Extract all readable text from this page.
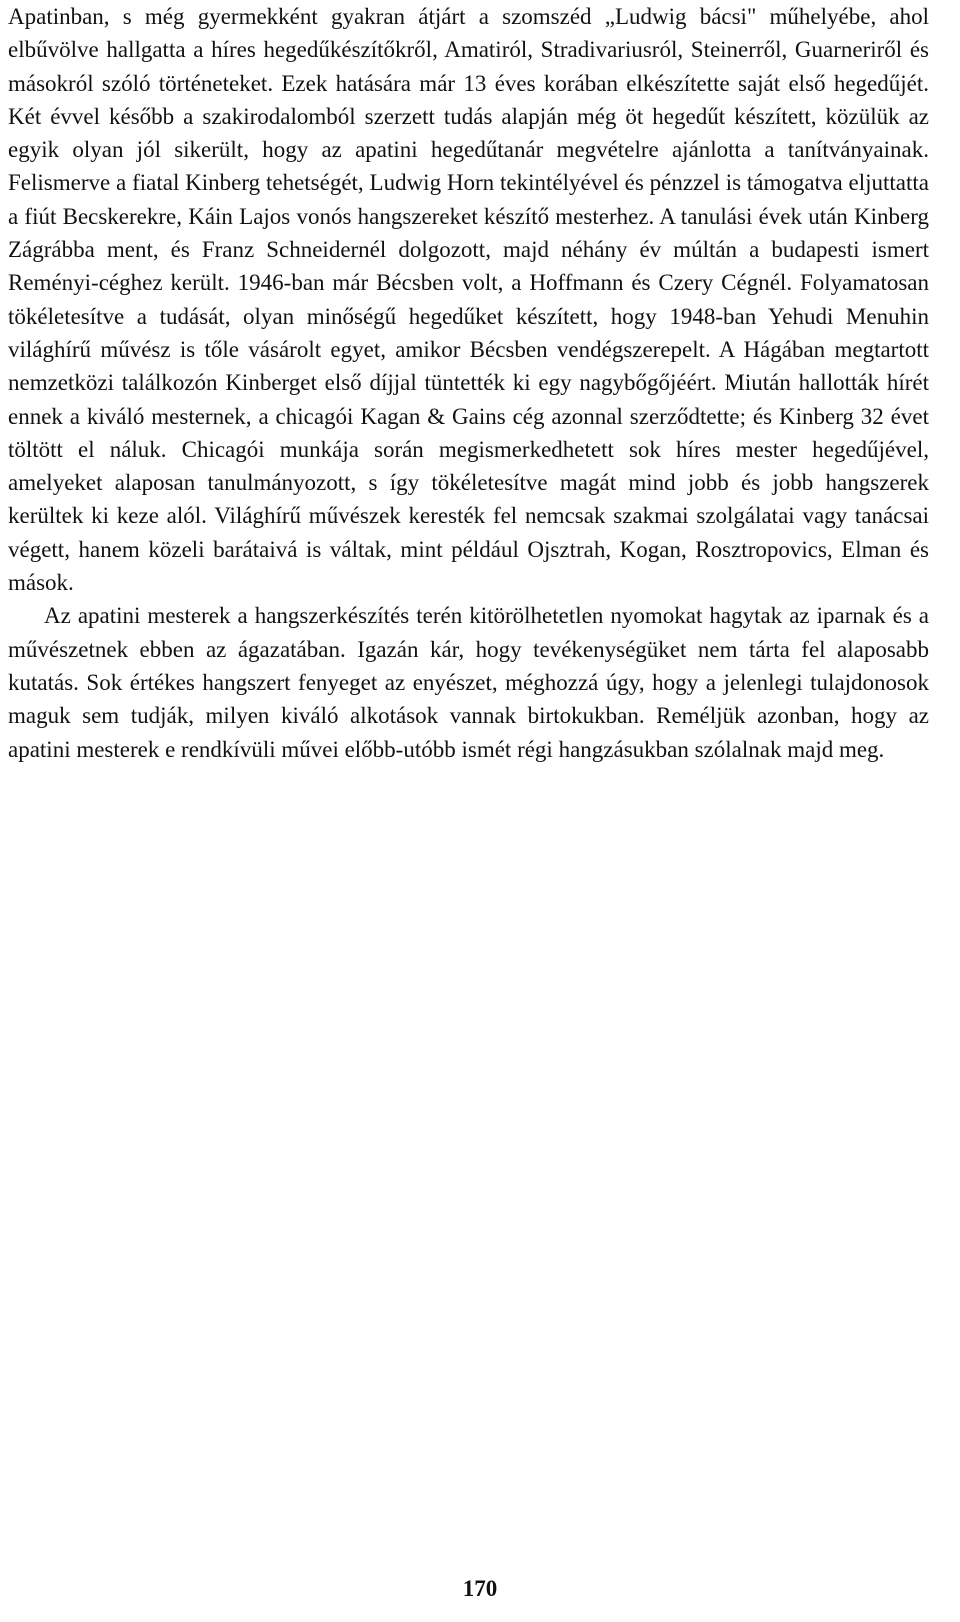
Apatinban, s még gyermekként gyakran átjárt a szomszéd „Ludwig bácsi" műhelyébe, ahol elbűvölve hallgatta a híres hegedűkészítőkről, Amatiról, Stradivariusról, Steinerről, Guarneriről és másokról szóló történeteket. Ezek hatására már 13 éves korában elkészítette saját első hegedűjét. Két évvel később a szakirodalomból szerzett tudás alapján még öt hegedűt készített, közülük az egyik olyan jól sikerült, hogy az apatini hegedűtanár megvételre ajánlotta a tanítványainak. Felismerve a fiatal Kinberg tehetségét, Ludwig Horn tekintélyével és pénzzel is támogatva eljuttatta a fiút Becskerekre, Káin Lajos vonós hangszereket készítő mesterhez. A tanulási évek után Kinberg Zágrábba ment, és Franz Schneidernél dolgozott, majd néhány év múltán a budapesti ismert Reményi-céghez került. 1946-ban már Bécsben volt, a Hoffmann és Czery Cégnél. Folyamatosan tökéletesítve a tudását, olyan minőségű hegedűket készített, hogy 1948-ban Yehudi Menuhin világhírű művész is tőle vásárolt egyet, amikor Bécsben vendégszerepelt. A Hágában megtartott nemzetközi találkozón Kinberget első díjjal tüntették ki egy nagybőgőjéért. Miután hallották hírét ennek a kiváló mesternek, a chicagói Kagan & Gains cég azonnal szerződtette; és Kinberg 32 évet töltött el náluk. Chicagói munkája során megismerkedhetett sok híres mester hegedűjével, amelyeket alaposan tanulmányozott, s így tökéletesítve magát mind jobb és jobb hangszerek kerültek ki keze alól. Világhírű művészek keresték fel nemcsak szakmai szolgálatai vagy tanácsai végett, hanem közeli barátaivá is váltak, mint például Ojsztrah, Kogan, Rosztropovics, Elman és mások.

Az apatini mesterek a hangszerkészítés terén kitörölhetetlen nyomokat hagytak az iparnak és a művészetnek ebben az ágazatában. Igazán kár, hogy tevékenységüket nem tárta fel alaposabb kutatás. Sok értékes hangszert fenyeget az enyészet, méghozzá úgy, hogy a jelenlegi tulajdonosok maguk sem tudják, milyen kiváló alkotások vannak birtokukban. Reméljük azonban, hogy az apatini mesterek e rendkívüli művei előbb-utóbb ismét régi hangzásukban szólalnak majd meg.

170
